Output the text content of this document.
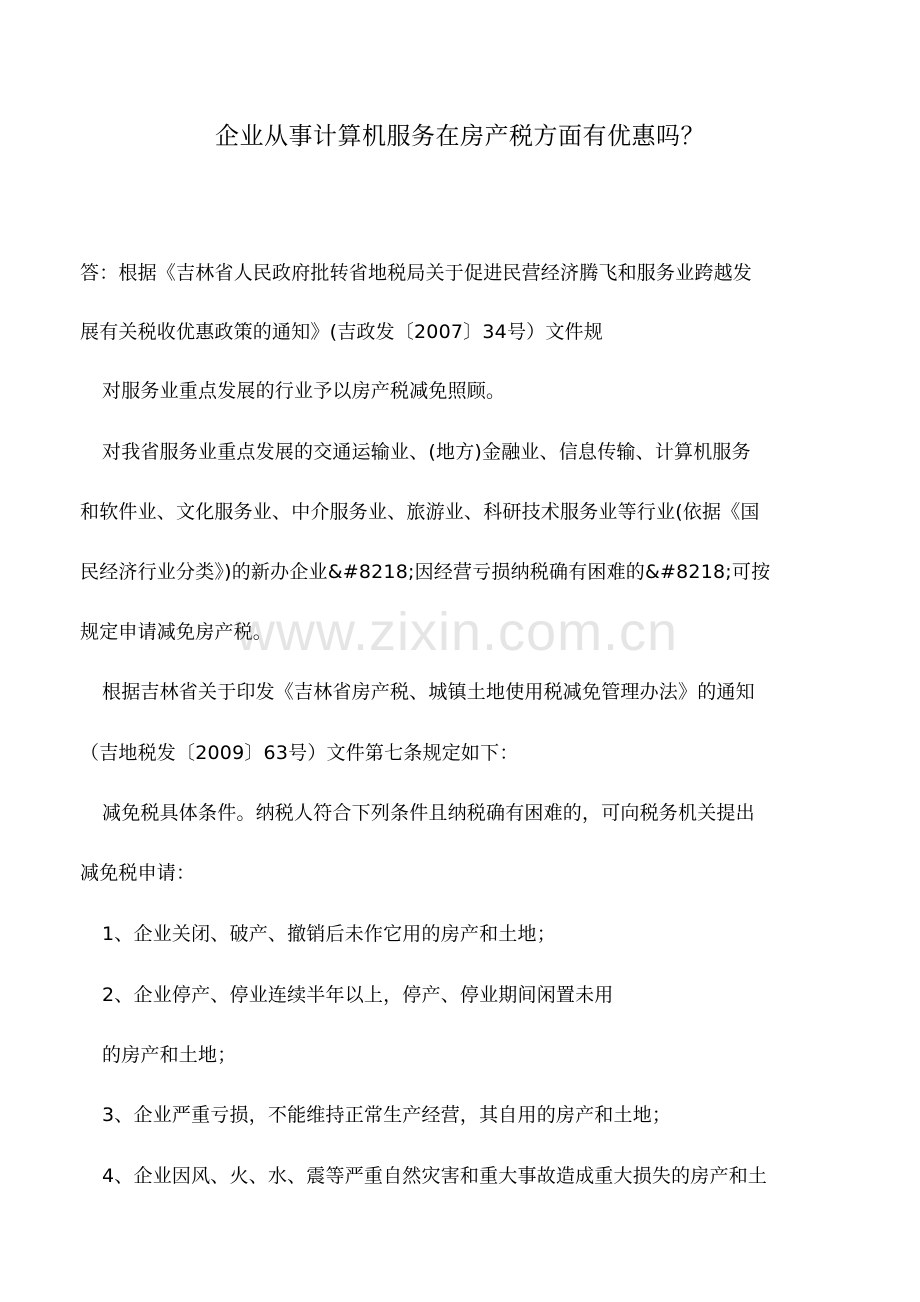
企业从事计算机服务在房产税方面有优惠吗？
答：根据《吉林省人民政府批转省地税局关于促进民营经济腾飞和服务业跨越发
展有关税收优惠政策的通知》(吉政发〔2007〕34号）文件规
对服务业重点发展的行业予以房产税减免照顾。
对我省服务业重点发展的交通运输业、(地方)金融业、信息传输、计算机服务
和软件业、文化服务业、中介服务业、旅游业、科研技术服务业等行业(依据《国
民经济行业分类》)的新办企业&#8218;因经营亏损纳税确有困难的&#8218;可按
规定申请减免房产税。
根据吉林省关于印发《吉林省房产税、城镇土地使用税减免管理办法》的通知
（吉地税发〔2009〕63号）文件第七条规定如下：
减免税具体条件。纳税人符合下列条件且纳税确有困难的，可向税务机关提出
减免税申请：
1、企业关闭、破产、撤销后未作它用的房产和土地；
2、企业停产、停业连续半年以上，停产、停业期间闲置未用
的房产和土地；
3、企业严重亏损，不能维持正常生产经营，其自用的房产和土地；
4、企业因风、火、水、震等严重自然灾害和重大事故造成重大损失的房产和土
www.zixin.com.cn
